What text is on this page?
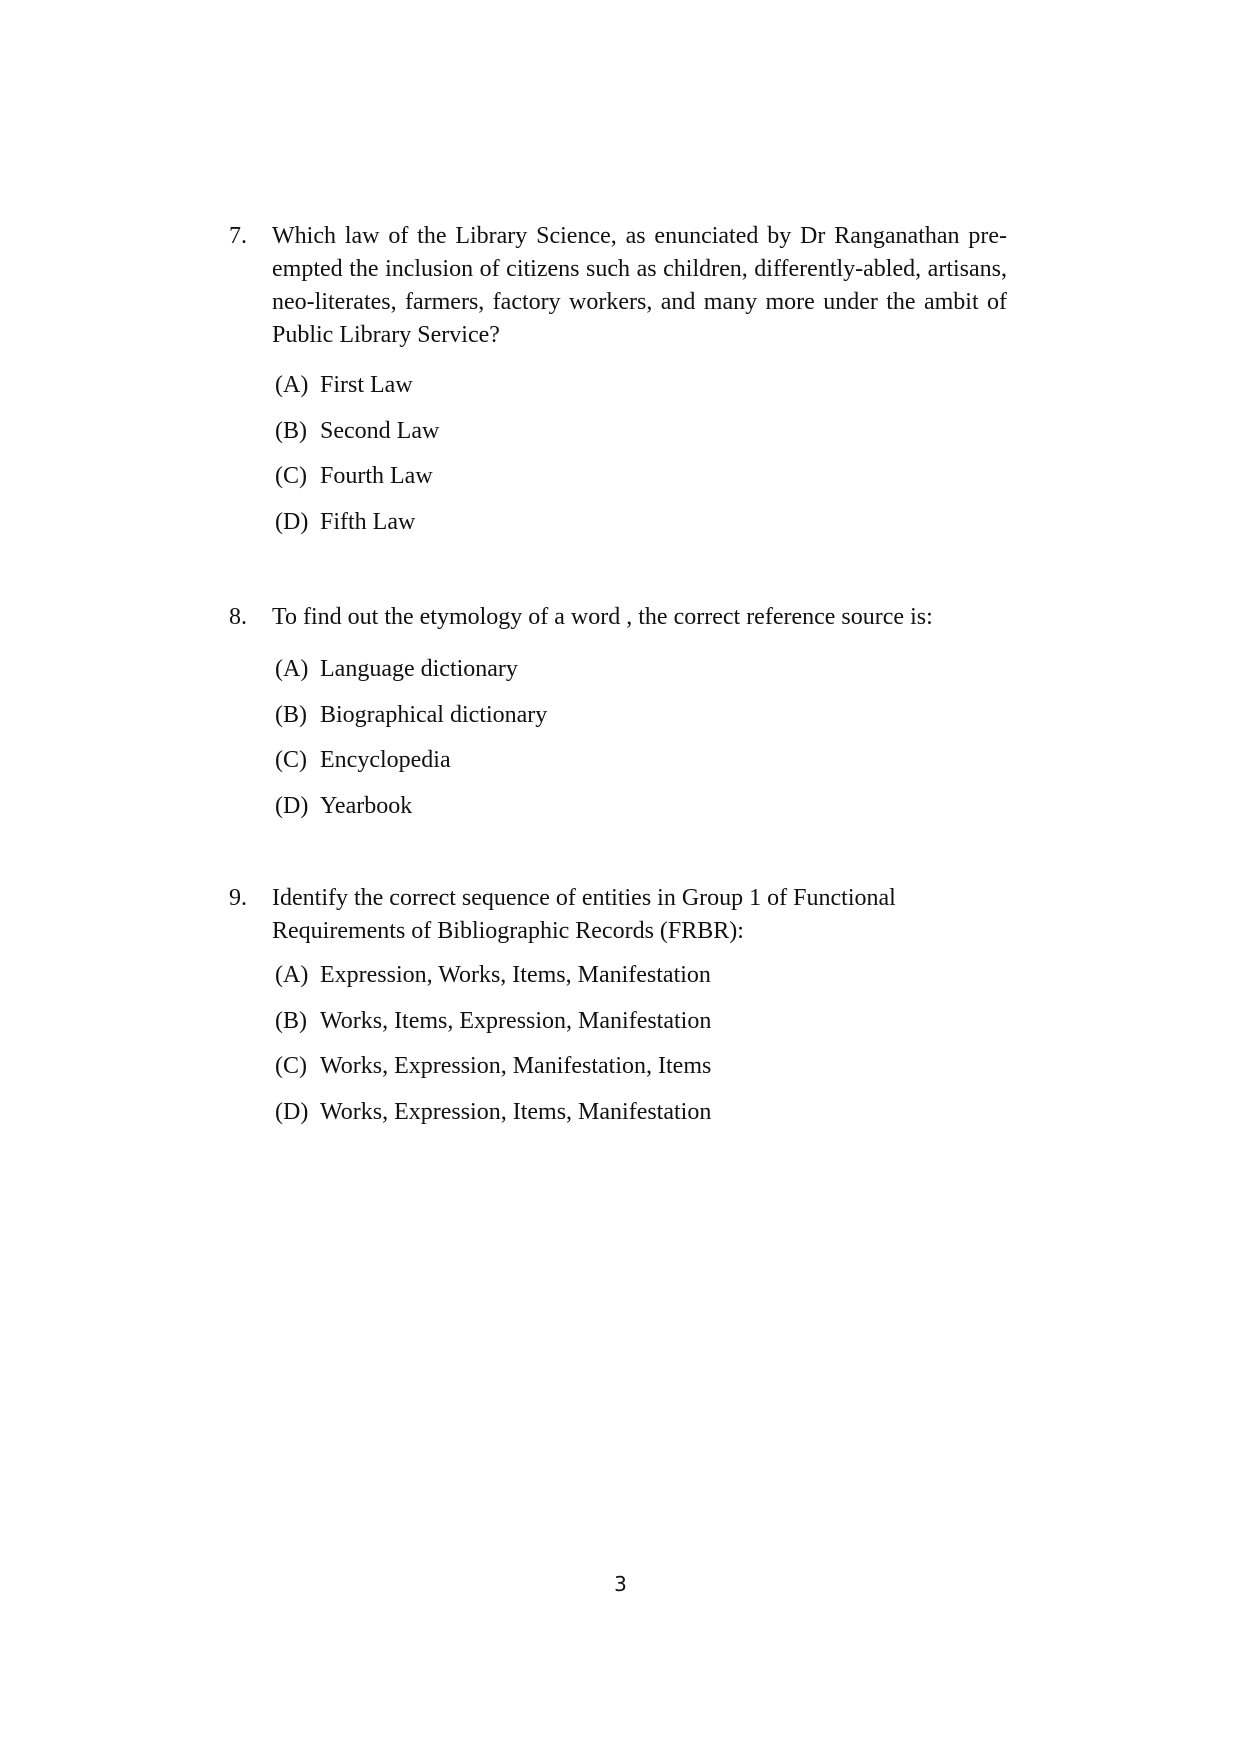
7.	Which law of the Library Science, as enunciated by Dr Ranganathan pre-empted the inclusion of citizens such as children, differently-abled, artisans, neo-literates, farmers, factory workers, and many more under the ambit of Public Library Service?
(A) First Law
(B) Second Law
(C) Fourth Law
(D) Fifth Law
8.	To find out the etymology of a word , the correct reference source is:
(A) Language dictionary
(B) Biographical dictionary
(C) Encyclopedia
(D) Yearbook
9.	Identify the correct sequence of entities in Group 1 of Functional Requirements of Bibliographic Records (FRBR):
(A) Expression, Works, Items, Manifestation
(B) Works, Items, Expression, Manifestation
(C) Works, Expression, Manifestation, Items
(D) Works, Expression, Items, Manifestation
3
